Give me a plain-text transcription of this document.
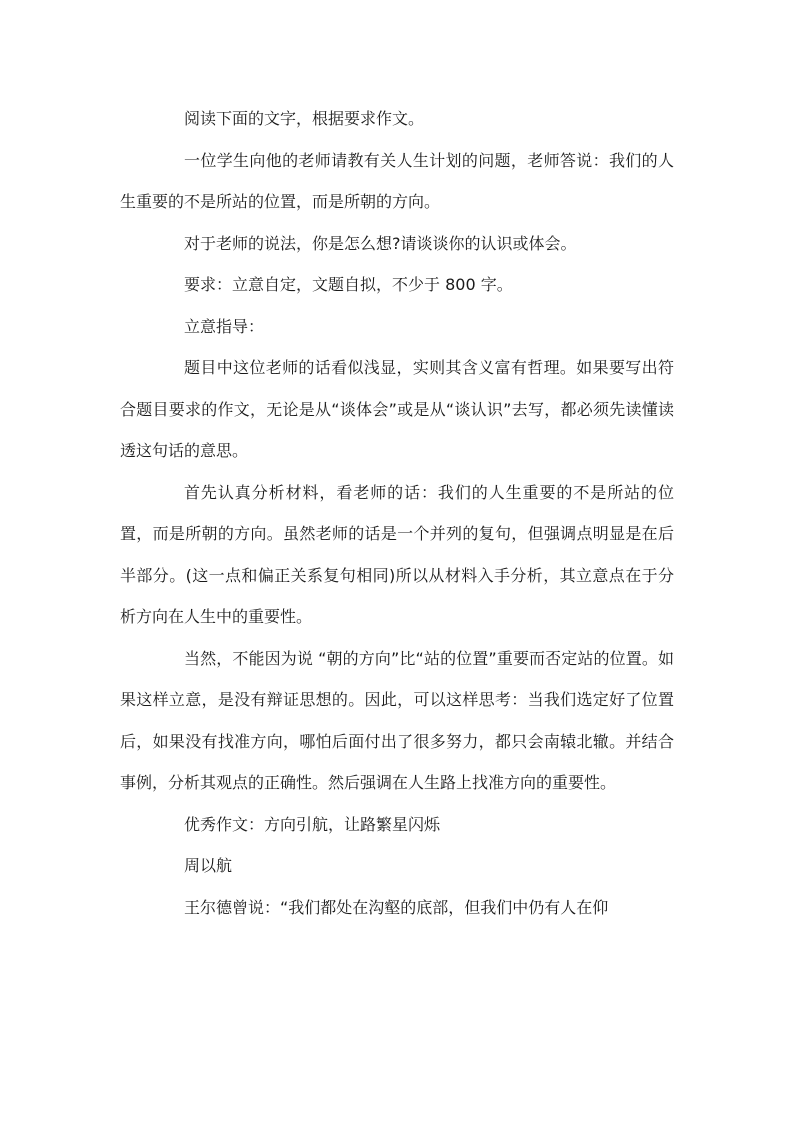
阅读下面的文字，根据要求作文。

一位学生向他的老师请教有关人生计划的问题，老师答说：我们的人生重要的不是所站的位置，而是所朝的方向。

对于老师的说法，你是怎么想?请谈谈你的认识或体会。

要求：立意自定，文题自拟，不少于 800 字。

立意指导：

题目中这位老师的话看似浅显，实则其含义富有哲理。如果要写出符合题目要求的作文，无论是从“谈体会”或是从“谈认识”去写，都必须先读懂读透这句话的意思。

首先认真分析材料，看老师的话：我们的人生重要的不是所站的位置，而是所朝的方向。虽然老师的话是一个并列的复句，但强调点明显是在后半部分。(这一点和偏正关系复句相同)所以从材料入手分析，其立意点在于分析方向在人生中的重要性。

当然，不能因为说 “朝的方向”比“站的位置”重要而否定站的位置。如果这样立意，是没有辩证思想的。因此，可以这样思考：当我们选定好了位置后，如果没有找准方向，哪怕后面付出了很多努力，都只会南辕北辙。并结合事例，分析其观点的正确性。然后强调在人生路上找准方向的重要性。

优秀作文：方向引航，让路繁星闪烁

周以航

王尔德曾说：“我们都处在沟壑的底部，但我们中仍有人在仰
